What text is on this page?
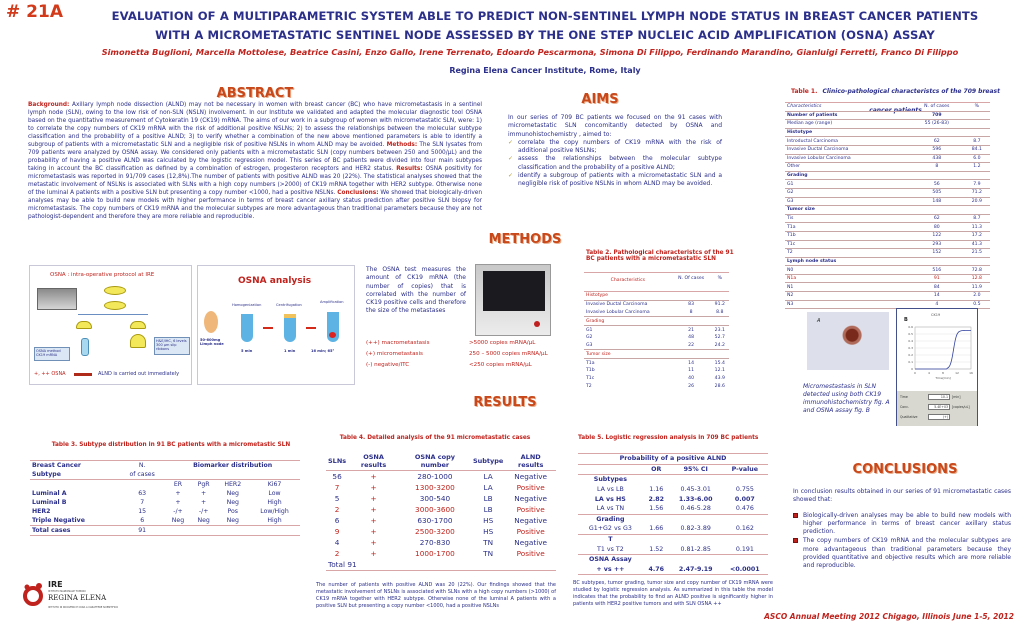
# 21A	EVALUATION OF A MULTIPARAMETRIC SYSTEM ABLE TO PREDICT NON-SENTINEL LYMPH NODE STATUS IN BREAST CANCER PATIENTS
WITH A MICROMETASTATIC SENTINEL NODE ASSESSED BY THE ONE STEP NUCLEIC ACID AMPLIFICATION (OSNA) ASSAY
Simonetta Buglioni, Marcella Mottolese, Beatrice Casini, Enzo Gallo, Irene Terrenato, Edoardo Pescarmona, Simona Di Filippo, Ferdinando Marandino, Gianluigi Ferretti, Franco Di Filippo
Regina Elena Cancer Institute, Rome, Italy
ABSTRACT
Background: Axillary lymph node dissection (ALND) may not be necessary in women with breast cancer (BC) who have micrometastasis in a sentinel lymph node (SLN), owing to the low risk of non-SLN (NSLN) involvement. In our Institute we validated and adapted the molecular diagnostic tool OSNA based on the quantitative measurement of Cytokeratin 19 (CK19) mRNA. The aims of our work in a subgroup of women with micrometastatic SLN, were: 1) to correlate the copy numbers of CK19 mRNA with the risk of additional positive NSLNs; 2) to assess the relationships between the molecular subtype classification and the probability of a positive ALND; 3) to verify whether a combination of the new above mentioned parameters is able to identify a subgroup of patients with a micrometastatic SLN and a negligible risk of positive NSLNs in whom ALND may be avoided. Methods: The SLN lysates from 709 patients were analyzed by OSNA assay. We considered only patients with a micrometastatic SLN (copy numbers between 250 and 5000/µL) and the probability of having a positive ALND was calculated by the logistic regression model. This series of BC patients were divided into four main subtypes taking in account the BC classification as defined by a combination of estrogen, progesteron receptors and HER2 status. Results: OSNA positivity for micrometastasis was reported in 91/709 cases (12,8%).The number of patients with positive ALND was 20 (22%). The statistical analyses showed that the metastatic involvement of NSLNs is associated with SLNs with a high copy numbers (>2000) of CK19 mRNA together with HER2 subtype. Otherwise none of the luminal A patients with a positive SLN but presenting a copy number <1000, had a positive NSLNs. Conclusions: We showed that biologically-driven analyses may be able to build new models with higher performance in terms of breast cancer axillary status prediction after positive SLN biopsy for micrometastasis. The copy numbers of CK19 mRNA and the molecular subtypes are more advantageous than traditional parameters because they are not pathologist-dependent and therefore they are more reliable and reproducible.
AIMS
In our series of 709 BC patients we focused on the 91 cases with micrometastatic SLN concomitantly detected by OSNA and immunohistochemistry , aimed to:
✓ correlate the copy numbers of CK19 mRNA with the risk of additional positive NSLNs;
✓ assess the relationships between the molecular subtype classification and the probability of a positive ALND;
✓ identify a subgroup of patients with a micrometastatic SLN and a negligible risk of positive NSLNs in whom ALND may be avoided.
Table 1. Clinico-pathological characteristcs of the 709 breast cancer patients
Characteristics	N. of cases	%
Number of patients	709	
Median age (range)	55 (26-83)	
Histotype		
Introductal Carcinoma	62	8.7
Invasive Ductal Carcinoma	596	84.1
Invasive Lobular Carcinoma	438	6.0
Other	8	1.2
Grading		
G1	56	7.9
G2	505	71.2
G3	148	20.9
Tumor size		
Tis	62	8.7
T1a	80	11.3
T1b	122	17.2
T1c	293	41.3
T2	152	21.5
Lymph node status		
N0	516	72.8
N1a	91	12.8
N1	84	11.9
N2	14	2.0
N3	4	0.5
METHODS
OSNA : intra-operative protocol at IRE
OSNA method CK19 mRNA
H&E/IHC, 6 levels 300 µm slip ribbons
+, ++ OSNA	ALND is carried out immediately
OSNA analysis
50-600mg Limph node
Homogenization	Centrifugation
Amplification
5 min	1 min	16 min; 65°
The OSNA test measures the amount of CK19 mRNA (the number of copies) that is correlated with the number of CK19 positive cells and therefore the size of the metastases
(++) macrometastasis	>5000 copies mRNA/µL
(+) micrometastasis	250 – 5000 copies mRNA/µL
(-) negative/ITC	<250 copies mRNA/µL
Table 2. Pathological characteristcs of the 91 BC patients with a micrometastatic SLN
Characteristics	N. Of cases	%
Histotype		
Invasive Ductal Carcinoma	83	91.2
Invasive Lobular Carcinoma	8	8.8
Grading		
G1	21	23.1
G2	48	52.7
G3	22	24.2
Tumor size		
T1a	14	15.4
T1b	11	12.1
T1c	40	43.9
T2	26	28.6
A	B
CK19
0.6
0.5
0.4
0.3
0.2
0.1
0
0	4	8	12	16
Time[min]
Time	10.1	[min]
Conc.	5.4E+03	[copies/uL]
Qualitative	(+)
Micromestastasis in SLN detected using both CK19 immunohistochemistry fig. A and OSNA assay fig. B
RESULTS
Table 3. Subtype distribution in 91 BC patients with a micrometastic SLN
Breast Cancer	N.	Biomarker distribution			
Subtype	of cases				
		ER	PgR	HER2	Ki67
Luminal A	63	+	+	Neg	Low
Luminal B	7	+	+	Neg	High
HER2	15	-/+	-/+	Pos	Low/High
Triple Negative	6	Neg	Neg	Neg	High
Total cases	91				
Table 4. Detailed analysis of the 91 micrometastatic cases
SLNs	OSNA results	OSNA copy number	Subtype	ALND results
56	+	280-1000	LA	Negative
7	+	1300-3200	LA	Positive
5	+	300-540	LB	Negative
2	+	3000-3600	LB	Positive
6	+	630-1700	HS	Negative
9	+	2500-3200	HS	Positive
4	+	270-830	TN	Negative
2	+	1000-1700	TN	Positive
Total 91				
The number of patients with positive ALND was 20 (22%). Our findings showed that the metastatic involvement of NSLNs is associated with SLNs with a high copy numbers (>1000) of CK19 mRNA together with HER2 subtype. Otherwise none of the luminal A patients with a positive SLN but presenting a copy number <1000, had a positive NSLNs
Table 5. Logistic regression analysis in 709 BC patients
Probability of a positive ALND			
	OR	95% CI	P-value
Subtypes			
LA vs LB	1.16	0.45-3.01	0.755
LA vs HS	2.82	1.33-6.00	0.007
LA vs TN	1.56	0.46-5.28	0.476
Grading			
G1+G2 vs G3	1.66	0.82-3.89	0.162
T			
T1 vs T2	1.52	0.81-2.85	0.191
OSNA Assay			
+ vs ++	4.76	2.47-9.19	<0.0001
BC subtypes, tumor grading, tumor size and copy number of CK19 mRNA were studied by logistic regression analysis. As summarized in this table the model indicates that the probability to find an ALND positive is significantly higher in patients with HER2 positive tumors and with SLN OSNA ++
CONCLUSIONS
In conclusion results obtained in our series of 91 micrometastatic cases showed that:
Biologically-driven analyses may be able to build new models with higher performance in terms of breast cancer axillary status prediction.
The copy numbers of CK19 mRNA and the molecular subtypes are more advantageous than traditional parameters because they provided quantitative and objective results which are more reliable and reproducible.
IRE
ISTITUTO NAZIONALE TUMORI
REGINA ELENA
ISTITUTO DI RICOVERO E CURA A CARATTERE SCIENTIFICO
ASCO Annual Meeting 2012 Chigago, Illinois June 1-5, 2012
